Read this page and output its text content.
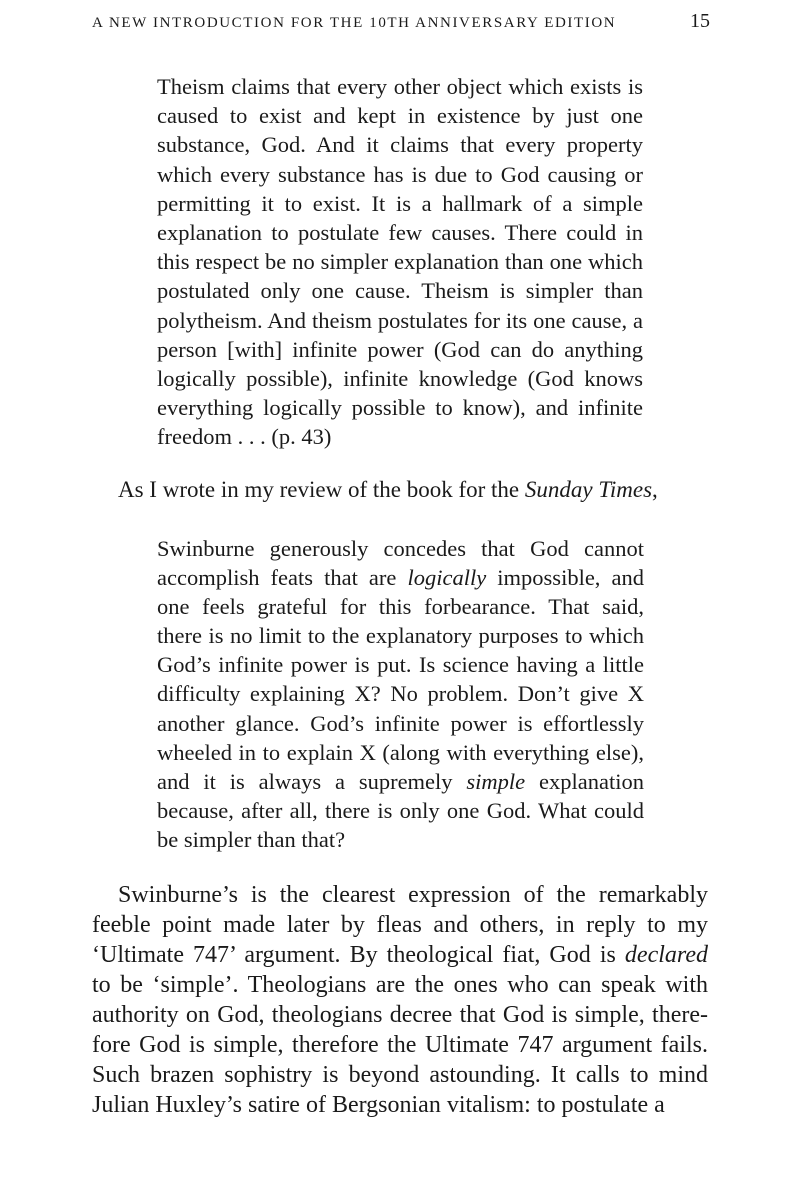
A NEW INTRODUCTION FOR THE 10TH ANNIVERSARY EDITION	15
Theism claims that every other object which exists is caused to exist and kept in existence by just one substance, God. And it claims that every property which every substance has is due to God causing or permitting it to exist. It is a hallmark of a simple explanation to postulate few causes. There could in this respect be no simpler explanation than one which postulated only one cause. Theism is simpler than polytheism. And theism postulates for its one cause, a person [with] infinite power (God can do anything logically possible), infinite knowledge (God knows everything logically possible to know), and infinite freedom . . . (p. 43)

As I wrote in my review of the book for the Sunday Times,

Swinburne generously concedes that God cannot accomplish feats that are logically impossible, and one feels grateful for this forbearance. That said, there is no limit to the explanatory purposes to which God’s infinite power is put. Is science having a little difficulty explaining X? No problem. Don’t give X another glance. God’s infinite power is effortlessly wheeled in to explain X (along with everything else), and it is always a supremely simple explanation because, after all, there is only one God. What could be simpler than that?

Swinburne’s is the clearest expression of the remarkably feeble point made later by fleas and others, in reply to my ‘Ultimate 747’ argument. By theological fiat, God is declared to be ‘simple’. Theologians are the ones who can speak with authority on God, theologians decree that God is simple, therefore God is simple, therefore the Ultimate 747 argument fails. Such brazen sophistry is beyond astounding. It calls to mind Julian Huxley’s satire of Bergsonian vitalism: to postulate a
